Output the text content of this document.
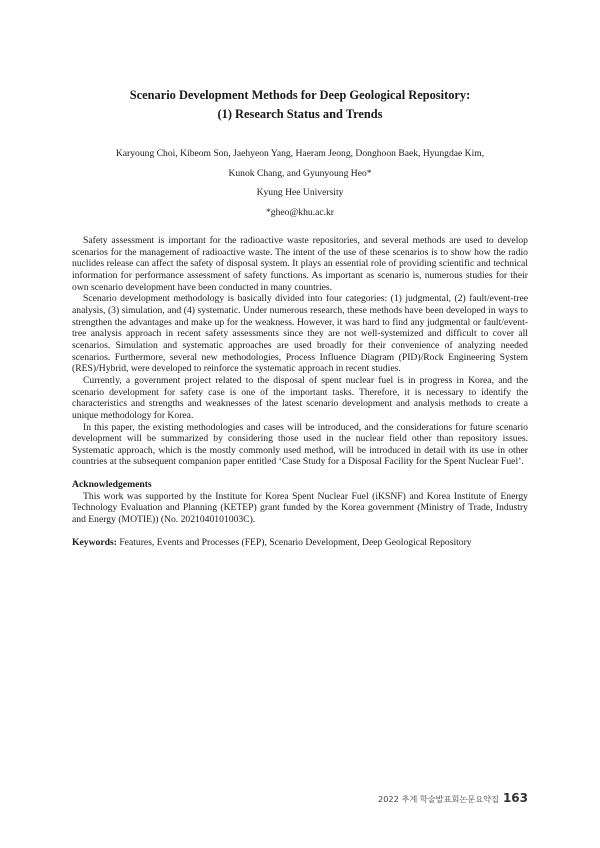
Scenario Development Methods for Deep Geological Repository:
(1) Research Status and Trends
Karyoung Choi, Kibeom Son, Jaehyeon Yang, Haeram Jeong, Donghoon Baek, Hyungdae Kim,
Kunok Chang, and Gyunyoung Heo*
Kyung Hee University
*gheo@khu.ac.kr

Safety assessment is important for the radioactive waste repositories, and several methods are used to develop scenarios for the management of radioactive waste. The intent of the use of these scenarios is to show how the radio nuclides release can affect the safety of disposal system. It plays an essential role of providing scientific and technical information for performance assessment of safety functions. As important as scenario is, numerous studies for their own scenario development have been conducted in many countries.

Scenario development methodology is basically divided into four categories: (1) judgmental, (2) fault/event-tree analysis, (3) simulation, and (4) systematic. Under numerous research, these methods have been developed in ways to strengthen the advantages and make up for the weakness. However, it was hard to find any judgmental or fault/event-tree analysis approach in recent safety assessments since they are not well-systemized and difficult to cover all scenarios. Simulation and systematic approaches are used broadly for their convenience of analyzing needed scenarios. Furthermore, several new methodologies, Process Influence Diagram (PID)/Rock Engineering System (RES)/Hybrid, were developed to reinforce the systematic approach in recent studies.

Currently, a government project related to the disposal of spent nuclear fuel is in progress in Korea, and the scenario development for safety case is one of the important tasks. Therefore, it is necessary to identify the characteristics and strengths and weaknesses of the latest scenario development and analysis methods to create a unique methodology for Korea.

In this paper, the existing methodologies and cases will be introduced, and the considerations for future scenario development will be summarized by considering those used in the nuclear field other than repository issues. Systematic approach, which is the mostly commonly used method, will be introduced in detail with its use in other countries at the subsequent companion paper entitled ‘Case Study for a Disposal Facility for the Spent Nuclear Fuel’.

Acknowledgements

This work was supported by the Institute for Korea Spent Nuclear Fuel (iKSNF) and Korea Institute of Energy Technology Evaluation and Planning (KETEP) grant funded by the Korea government (Ministry of Trade, Industry and Energy (MOTIE)) (No. 2021040101003C).

Keywords: Features, Events and Processes (FEP), Scenario Development, Deep Geological Repository
2022 추계 학술발표회논문요약집 163
